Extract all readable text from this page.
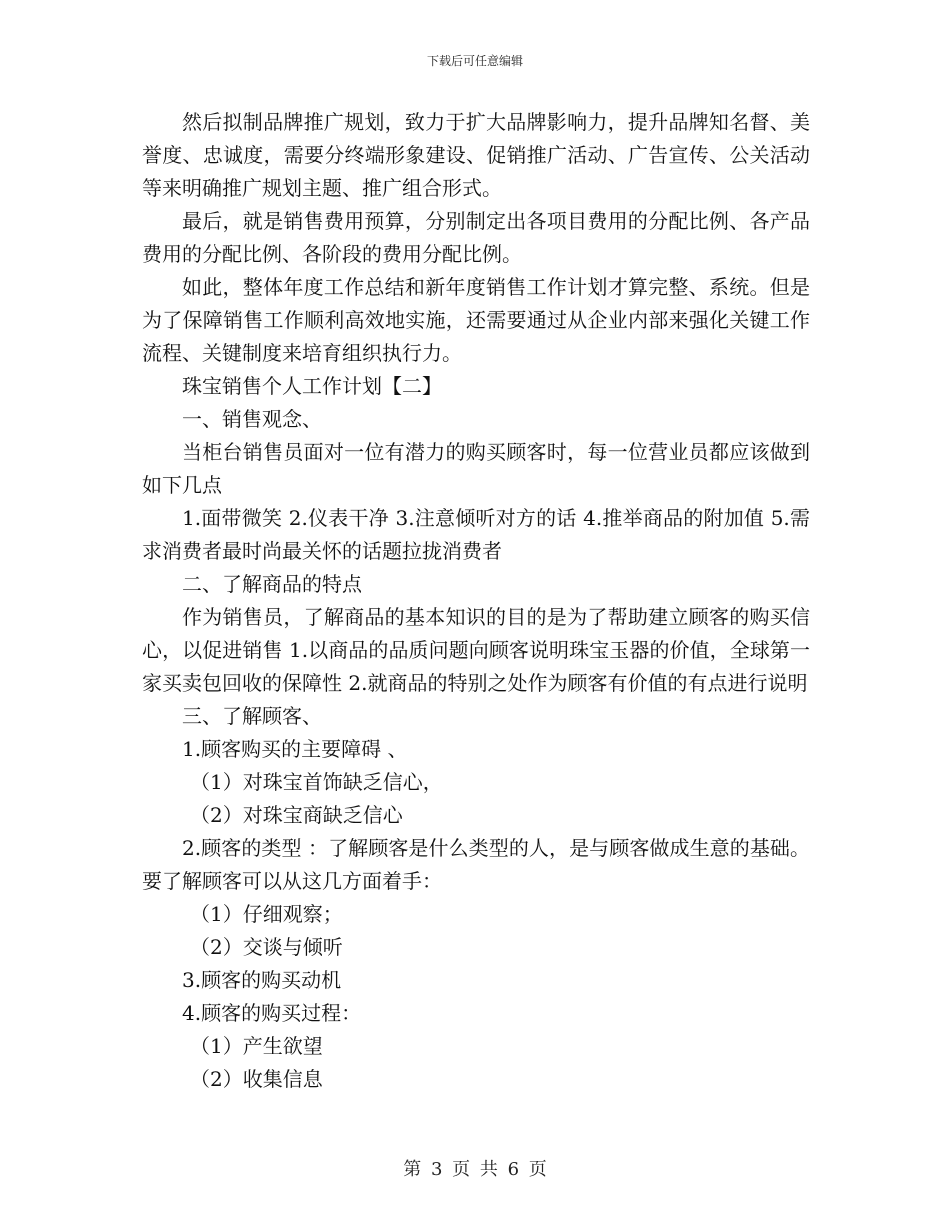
下载后可任意编辑

然后拟制品牌推广规划，致力于扩大品牌影响力，提升品牌知名督、美誉度、忠诚度，需要分终端形象建设、促销推广活动、广告宣传、公关活动等来明确推广规划主题、推广组合形式。

最后，就是销售费用预算，分别制定出各项目费用的分配比例、各产品费用的分配比例、各阶段的费用分配比例。

如此，整体年度工作总结和新年度销售工作计划才算完整、系统。但是为了保障销售工作顺利高效地实施，还需要通过从企业内部来强化关键工作流程、关键制度来培育组织执行力。

珠宝销售个人工作计划【二】

一、销售观念、

当柜台销售员面对一位有潜力的购买顾客时，每一位营业员都应该做到如下几点

1.面带微笑 2.仪表干净 3.注意倾听对方的话 4.推举商品的附加值 5.需求消费者最时尚最关怀的话题拉拢消费者

二、了解商品的特点

作为销售员，了解商品的基本知识的目的是为了帮助建立顾客的购买信心，以促进销售 1.以商品的品质问题向顾客说明珠宝玉器的价值，全球第一家买卖包回收的保障性 2.就商品的特别之处作为顾客有价值的有点进行说明

三、了解顾客、

1.顾客购买的主要障碍 、

（1）对珠宝首饰缺乏信心，

（2）对珠宝商缺乏信心

2.顾客的类型 ：了解顾客是什么类型的人，是与顾客做成生意的基础。要了解顾客可以从这几方面着手：

（1）仔细观察；

（2）交谈与倾听

3.顾客的购买动机

4.顾客的购买过程：

（1）产生欲望

（2）收集信息

第 3 页 共 6 页
